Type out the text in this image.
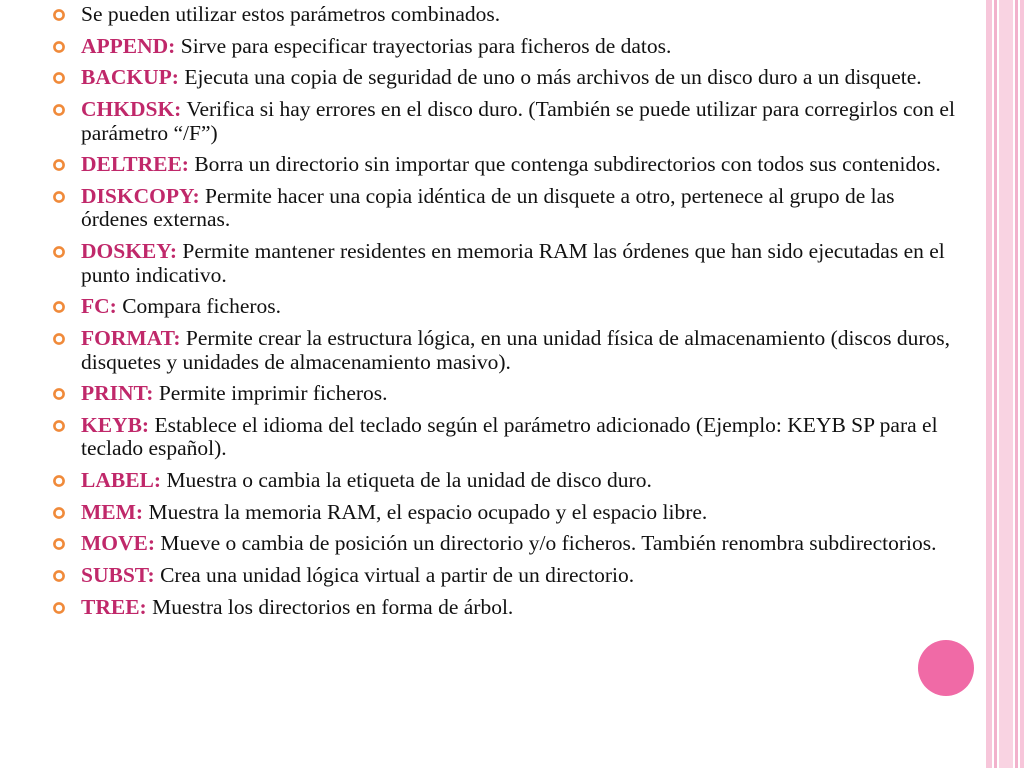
Se pueden utilizar estos parámetros combinados.
APPEND: Sirve para especificar trayectorias para ficheros de datos.
BACKUP: Ejecuta una copia de seguridad de uno o más archivos de un disco duro a un disquete.
CHKDSK: Verifica si hay errores en el disco duro. (También se puede utilizar para corregirlos con el parámetro “/F”)
DELTREE: Borra un directorio sin importar que contenga subdirectorios con todos sus contenidos.
DISKCOPY: Permite hacer una copia idéntica de un disquete a otro, pertenece al grupo de las órdenes externas.
DOSKEY: Permite mantener residentes en memoria RAM las órdenes que han sido ejecutadas en el punto indicativo.
FC: Compara ficheros.
FORMAT: Permite crear la estructura lógica, en una unidad física de almacenamiento (discos duros, disquetes y unidades de almacenamiento masivo).
PRINT: Permite imprimir ficheros.
KEYB: Establece el idioma del teclado según el parámetro adicionado (Ejemplo: KEYB SP para el teclado español).
LABEL: Muestra o cambia la etiqueta de la unidad de disco duro.
MEM: Muestra la memoria RAM, el espacio ocupado y el espacio libre.
MOVE: Mueve o cambia de posición un directorio y/o ficheros. También renombra subdirectorios.
SUBST: Crea una unidad lógica virtual a partir de un directorio.
TREE: Muestra los directorios en forma de árbol.
